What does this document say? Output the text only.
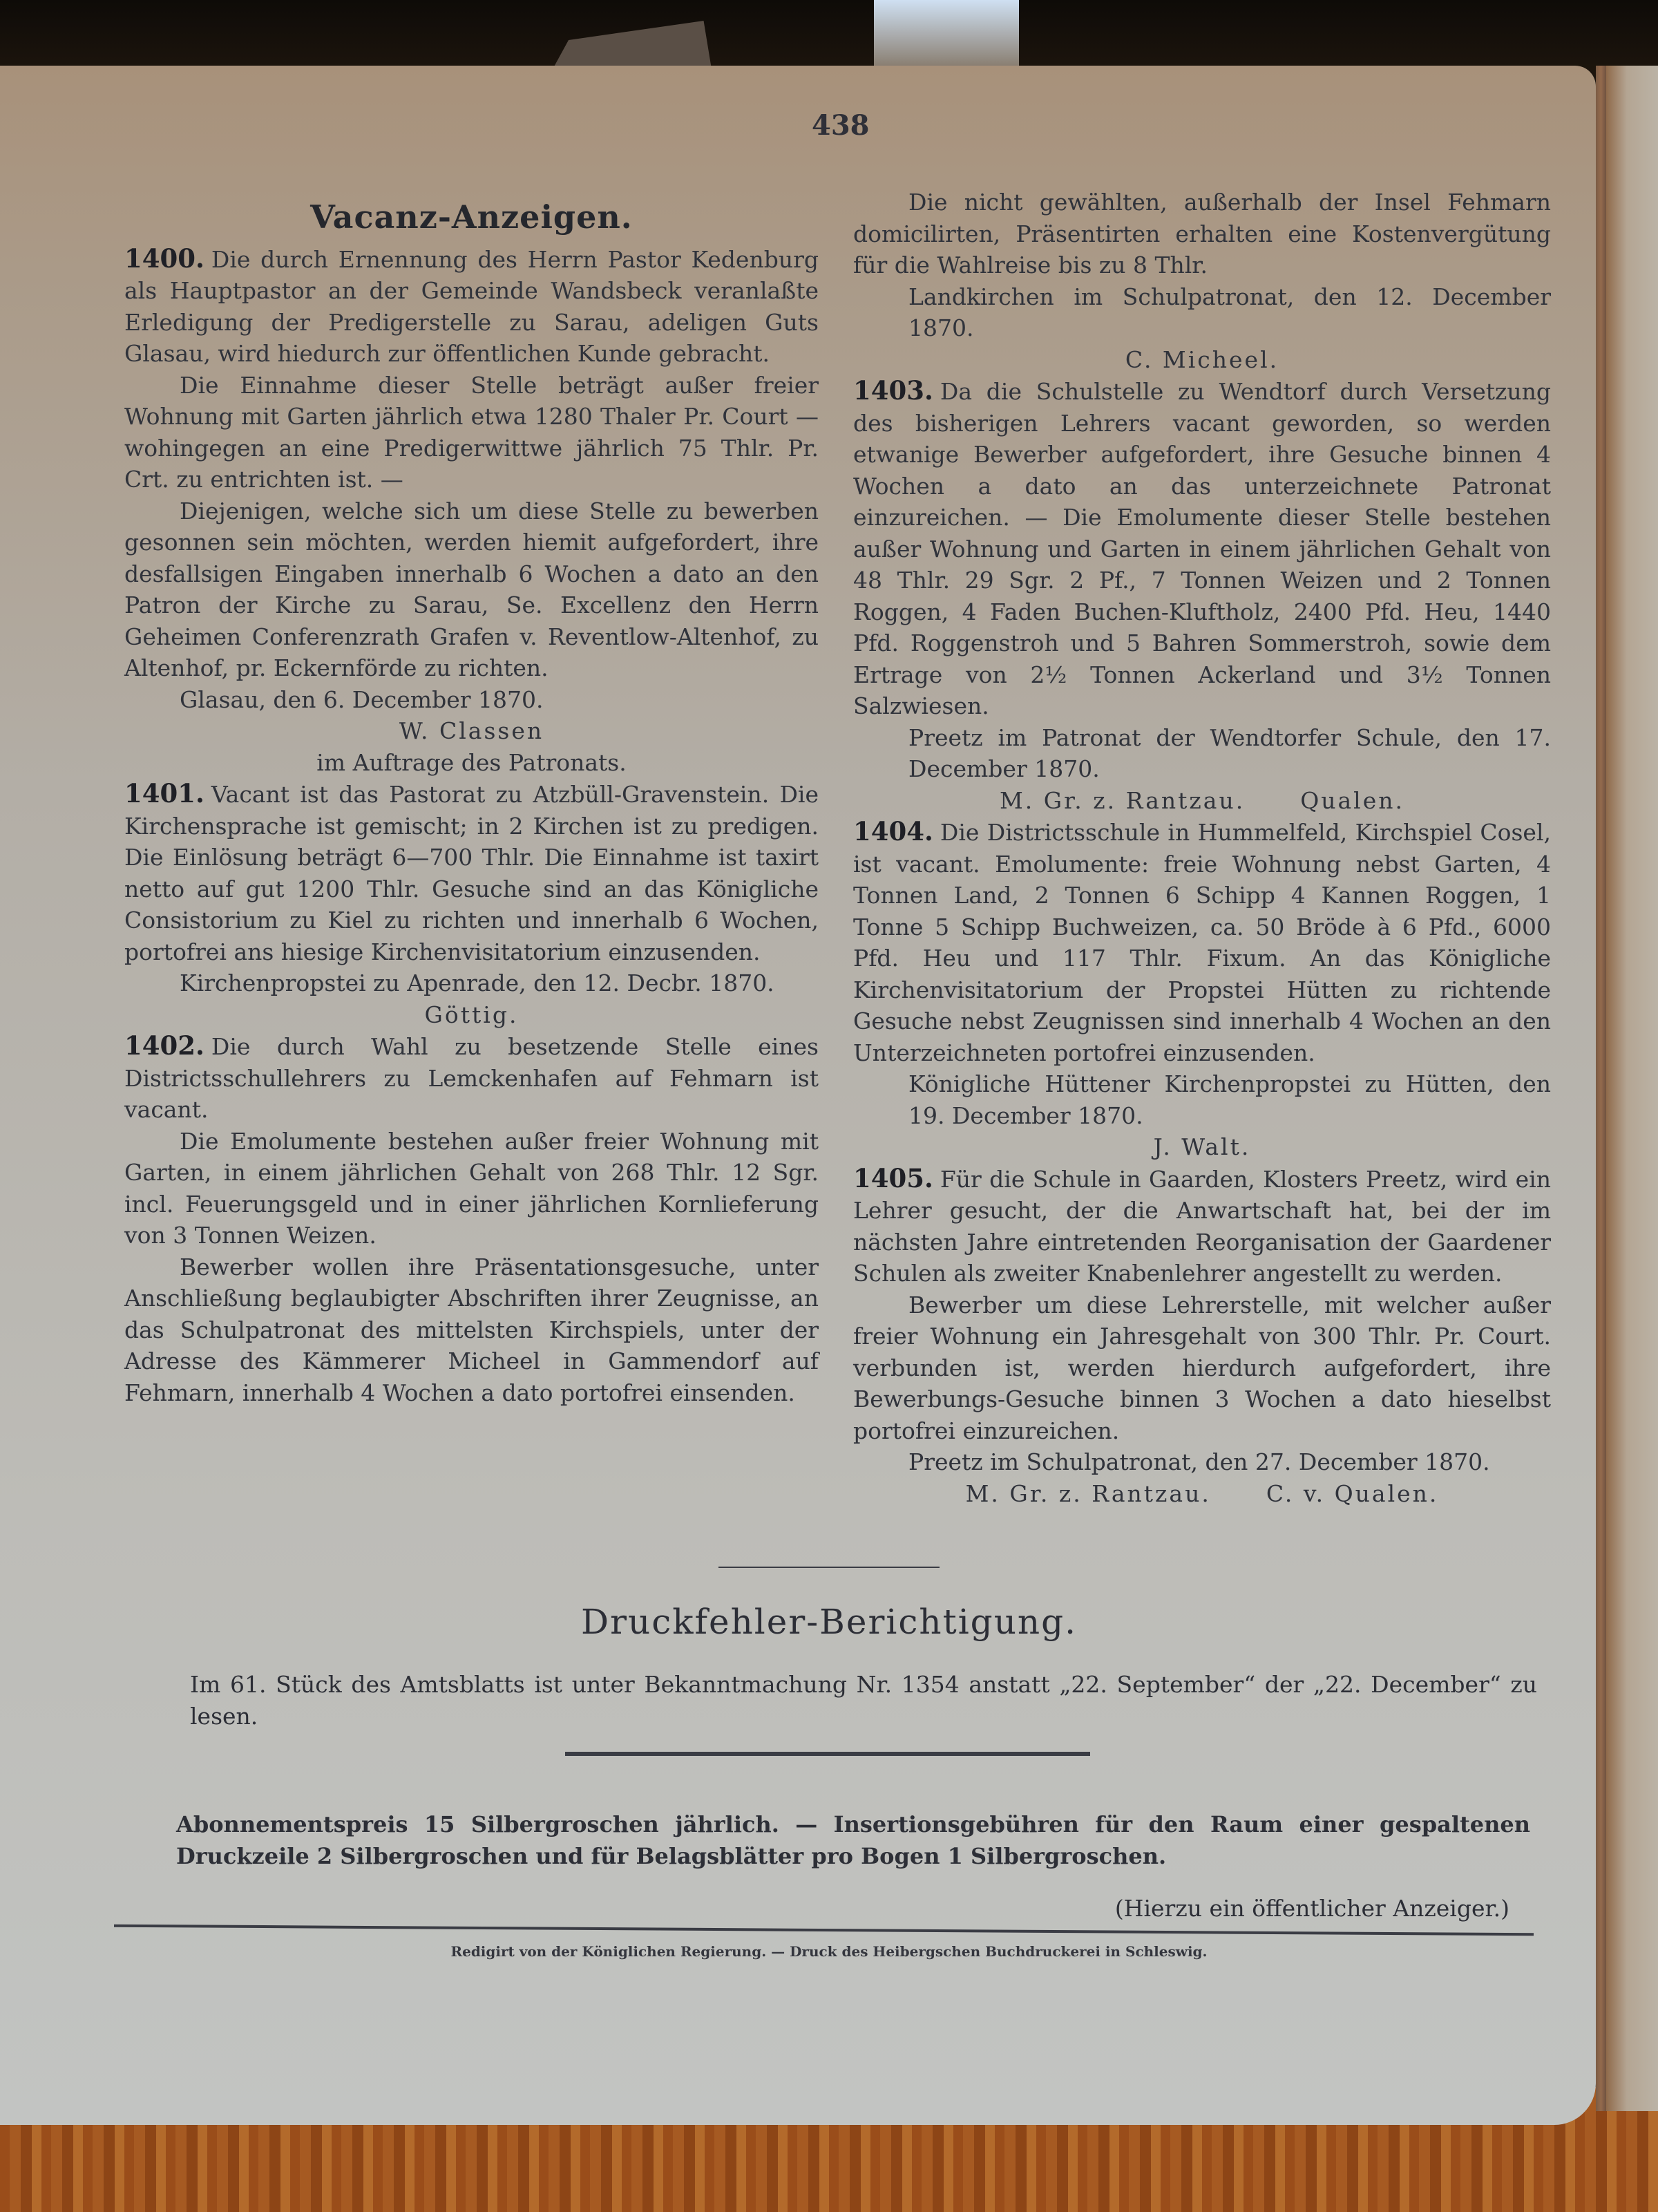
438
Vacanz-Anzeigen.

1400. Die durch Ernennung des Herrn Pastor Kedenburg als Hauptpastor an der Gemeinde Wandsbeck veranlaßte Erledigung der Predigerstelle zu Sarau, adeligen Guts Glasau, wird hiedurch zur öffentlichen Kunde gebracht.

Die Einnahme dieser Stelle beträgt außer freier Wohnung mit Garten jährlich etwa 1280 Thaler Pr. Court — wohingegen an eine Predigerwittwe jährlich 75 Thlr. Pr. Crt. zu entrichten ist. —

Diejenigen, welche sich um diese Stelle zu bewerben gesonnen sein möchten, werden hiemit aufgefordert, ihre desfallsigen Eingaben innerhalb 6 Wochen a dato an den Patron der Kirche zu Sarau, Se. Excellenz den Herrn Geheimen Conferenzrath Grafen v. Reventlow-Altenhof, zu Altenhof, pr. Eckernförde zu richten.

Glasau, den 6. December 1870.

W. Classen

im Auftrage des Patronats.

1401. Vacant ist das Pastorat zu Atzbüll-Gravenstein. Die Kirchensprache ist gemischt; in 2 Kirchen ist zu predigen. Die Einlösung beträgt 6—700 Thlr. Die Einnahme ist taxirt netto auf gut 1200 Thlr. Gesuche sind an das Königliche Consistorium zu Kiel zu richten und innerhalb 6 Wochen, portofrei ans hiesige Kirchenvisitatorium einzusenden.

Kirchenpropstei zu Apenrade, den 12. Decbr. 1870.

Göttig.

1402. Die durch Wahl zu besetzende Stelle eines Districtsschullehrers zu Lemckenhafen auf Fehmarn ist vacant.

Die Emolumente bestehen außer freier Wohnung mit Garten, in einem jährlichen Gehalt von 268 Thlr. 12 Sgr. incl. Feuerungsgeld und in einer jährlichen Kornlieferung von 3 Tonnen Weizen.

Bewerber wollen ihre Präsentationsgesuche, unter Anschließung beglaubigter Abschriften ihrer Zeugnisse, an das Schulpatronat des mittelsten Kirchspiels, unter der Adresse des Kämmerer Micheel in Gammendorf auf Fehmarn, innerhalb 4 Wochen a dato portofrei einsenden.

Die nicht gewählten, außerhalb der Insel Fehmarn domicilirten, Präsentirten erhalten eine Kostenvergütung für die Wahlreise bis zu 8 Thlr.

Landkirchen im Schulpatronat, den 12. December 1870.

C. Micheel.

1403. Da die Schulstelle zu Wendtorf durch Versetzung des bisherigen Lehrers vacant geworden, so werden etwanige Bewerber aufgefordert, ihre Gesuche binnen 4 Wochen a dato an das unterzeichnete Patronat einzureichen. — Die Emolumente dieser Stelle bestehen außer Wohnung und Garten in einem jährlichen Gehalt von 48 Thlr. 29 Sgr. 2 Pf., 7 Tonnen Weizen und 2 Tonnen Roggen, 4 Faden Buchen-Kluftholz, 2400 Pfd. Heu, 1440 Pfd. Roggenstroh und 5 Bahren Sommerstroh, sowie dem Ertrage von 2½ Tonnen Ackerland und 3½ Tonnen Salzwiesen.

Preetz im Patronat der Wendtorfer Schule, den 17. December 1870.

M. Gr. z. Rantzau. Qualen.

1404. Die Districtsschule in Hummelfeld, Kirchspiel Cosel, ist vacant. Emolumente: freie Wohnung nebst Garten, 4 Tonnen Land, 2 Tonnen 6 Schipp 4 Kannen Roggen, 1 Tonne 5 Schipp Buchweizen, ca. 50 Bröde à 6 Pfd., 6000 Pfd. Heu und 117 Thlr. Fixum. An das Königliche Kirchenvisitatorium der Propstei Hütten zu richtende Gesuche nebst Zeugnissen sind innerhalb 4 Wochen an den Unterzeichneten portofrei einzusenden.

Königliche Hüttener Kirchenpropstei zu Hütten, den 19. December 1870.

J. Walt.

1405. Für die Schule in Gaarden, Klosters Preetz, wird ein Lehrer gesucht, der die Anwartschaft hat, bei der im nächsten Jahre eintretenden Reorganisation der Gaardener Schulen als zweiter Knabenlehrer angestellt zu werden.

Bewerber um diese Lehrerstelle, mit welcher außer freier Wohnung ein Jahresgehalt von 300 Thlr. Pr. Court. verbunden ist, werden hierdurch aufgefordert, ihre Bewerbungs-Gesuche binnen 3 Wochen a dato hieselbst portofrei einzureichen.

Preetz im Schulpatronat, den 27. December 1870.

M. Gr. z. Rantzau. C. v. Qualen.
Druckfehler-Berichtigung.
Im 61. Stück des Amtsblatts ist unter Bekanntmachung Nr. 1354 anstatt „22. September“ der „22. December“ zu lesen.
Abonnementspreis 15 Silbergroschen jährlich. — Insertionsgebühren für den Raum einer gespaltenen Druckzeile 2 Silbergroschen und für Belagsblätter pro Bogen 1 Silbergroschen.
(Hierzu ein öffentlicher Anzeiger.)
Redigirt von der Königlichen Regierung. — Druck des Heibergschen Buchdruckerei in Schleswig.
